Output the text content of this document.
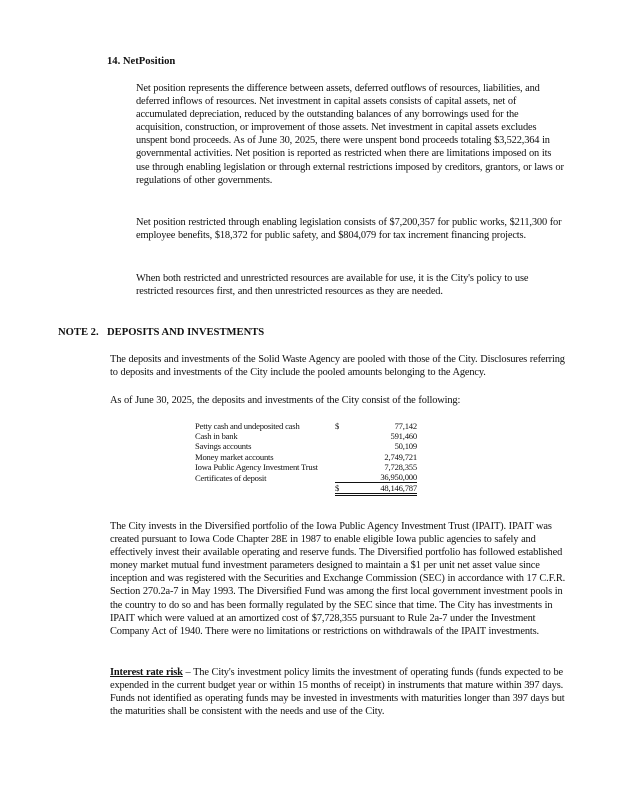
14. NetPosition
Net position represents the difference between assets, deferred outflows of resources, liabilities, and deferred inflows of resources. Net investment in capital assets consists of capital assets, net of accumulated depreciation, reduced by the outstanding balances of any borrowings used for the acquisition, construction, or improvement of those assets. Net investment in capital assets excludes unspent bond proceeds. As of June 30, 2025, there were unspent bond proceeds totaling $3,522,364 in governmental activities. Net position is reported as restricted when there are limitations imposed on its use through enabling legislation or through external restrictions imposed by creditors, grantors, or laws or regulations of other governments.
Net position restricted through enabling legislation consists of $7,200,357 for public works, $211,300 for employee benefits, $18,372 for public safety, and $804,079 for tax increment financing projects.
When both restricted and unrestricted resources are available for use, it is the City's policy to use restricted resources first, and then unrestricted resources as they are needed.
NOTE 2. DEPOSITS AND INVESTMENTS
The deposits and investments of the Solid Waste Agency are pooled with those of the City. Disclosures referring to deposits and investments of the City include the pooled amounts belonging to the Agency.
As of June 30, 2025, the deposits and investments of the City consist of the following:
Petty cash and undeposited cash	$	77,142
Cash in bank		591,460
Savings accounts		50,109
Money market accounts		2,749,721
Iowa Public Agency Investment Trust		7,728,355
Certificates of deposit		36,950,000
	$	48,146,787
The City invests in the Diversified portfolio of the Iowa Public Agency Investment Trust (IPAIT). IPAIT was created pursuant to Iowa Code Chapter 28E in 1987 to enable eligible Iowa public agencies to safely and effectively invest their available operating and reserve funds. The Diversified portfolio has followed established money market mutual fund investment parameters designed to maintain a $1 per unit net asset value since inception and was registered with the Securities and Exchange Commission (SEC) in accordance with 17 C.F.R. Section 270.2a-7 in May 1993. The Diversified Fund was among the first local government investment pools in the country to do so and has been formally regulated by the SEC since that time. The City has investments in IPAIT which were valued at an amortized cost of $7,728,355 pursuant to Rule 2a-7 under the Investment Company Act of 1940. There were no limitations or restrictions on withdrawals of the IPAIT investments.
Interest rate risk – The City's investment policy limits the investment of operating funds (funds expected to be expended in the current budget year or within 15 months of receipt) in instruments that mature within 397 days. Funds not identified as operating funds may be invested in investments with maturities longer than 397 days but the maturities shall be consistent with the needs and use of the City.
